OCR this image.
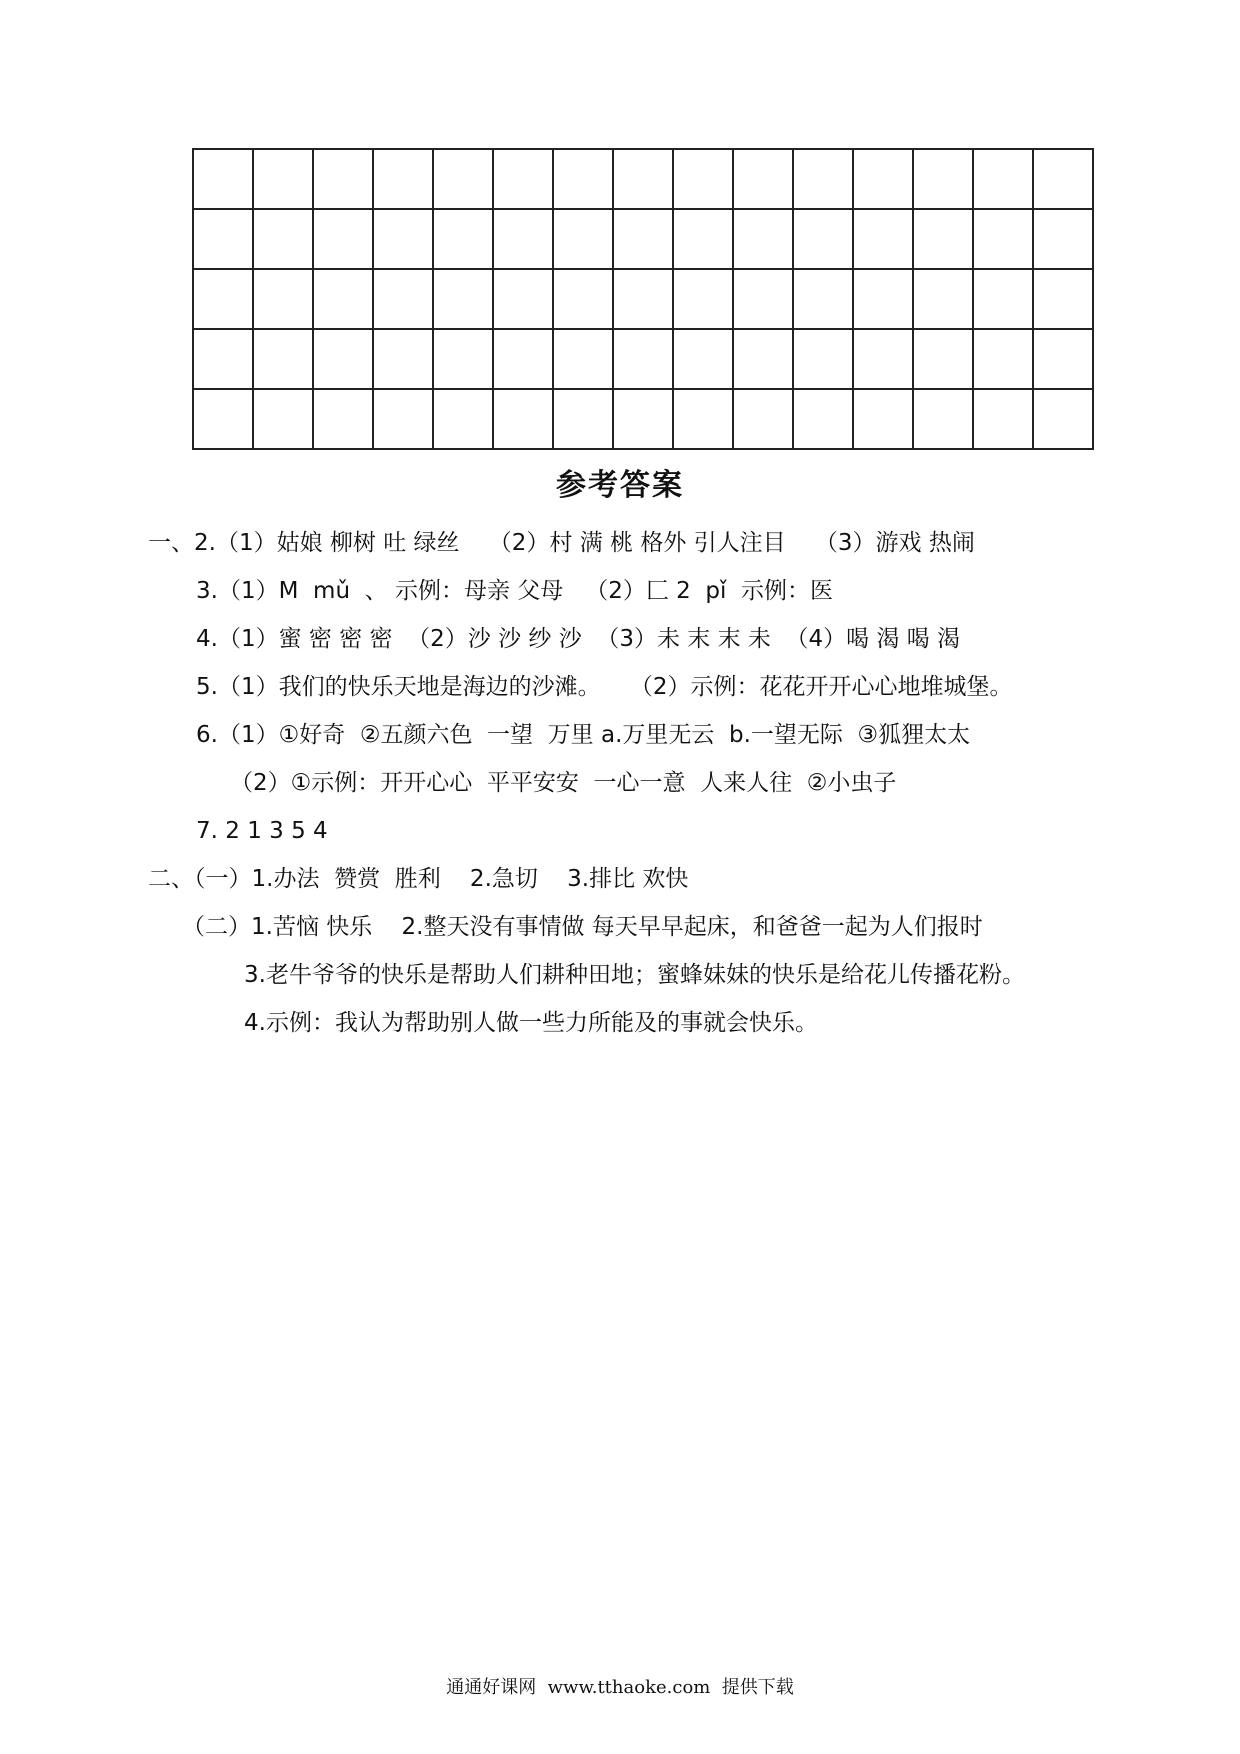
参考答案
一、2.（1）姑娘 柳树 吐 绿丝    （2）村 满 桃 格外 引人注目    （3）游戏 热闹
3.（1）M  mǔ  、 示例：母亲 父母   （2）匚 2  pǐ  示例：医
4.（1）蜜 密 密 密  （2）沙 沙 纱 沙  （3）未 末 末 未  （4）喝 渴 喝 渴
5.（1）我们的快乐天地是海边的沙滩。    （2）示例：花花开开心心地堆城堡。
6.（1）①好奇  ②五颜六色  一望  万里 a.万里无云  b.一望无际  ③狐狸太太
（2）①示例：开开心心  平平安安  一心一意  人来人往  ②小虫子
7. 2 1 3 5 4
二、（一）1.办法  赞赏  胜利    2.急切    3.排比 欢快
（二）1.苦恼 快乐    2.整天没有事情做 每天早早起床，和爸爸一起为人们报时
3.老牛爷爷的快乐是帮助人们耕种田地；蜜蜂妹妹的快乐是给花儿传播花粉。
4.示例：我认为帮助别人做一些力所能及的事就会快乐。
通通好课网  www.tthaoke.com  提供下载
